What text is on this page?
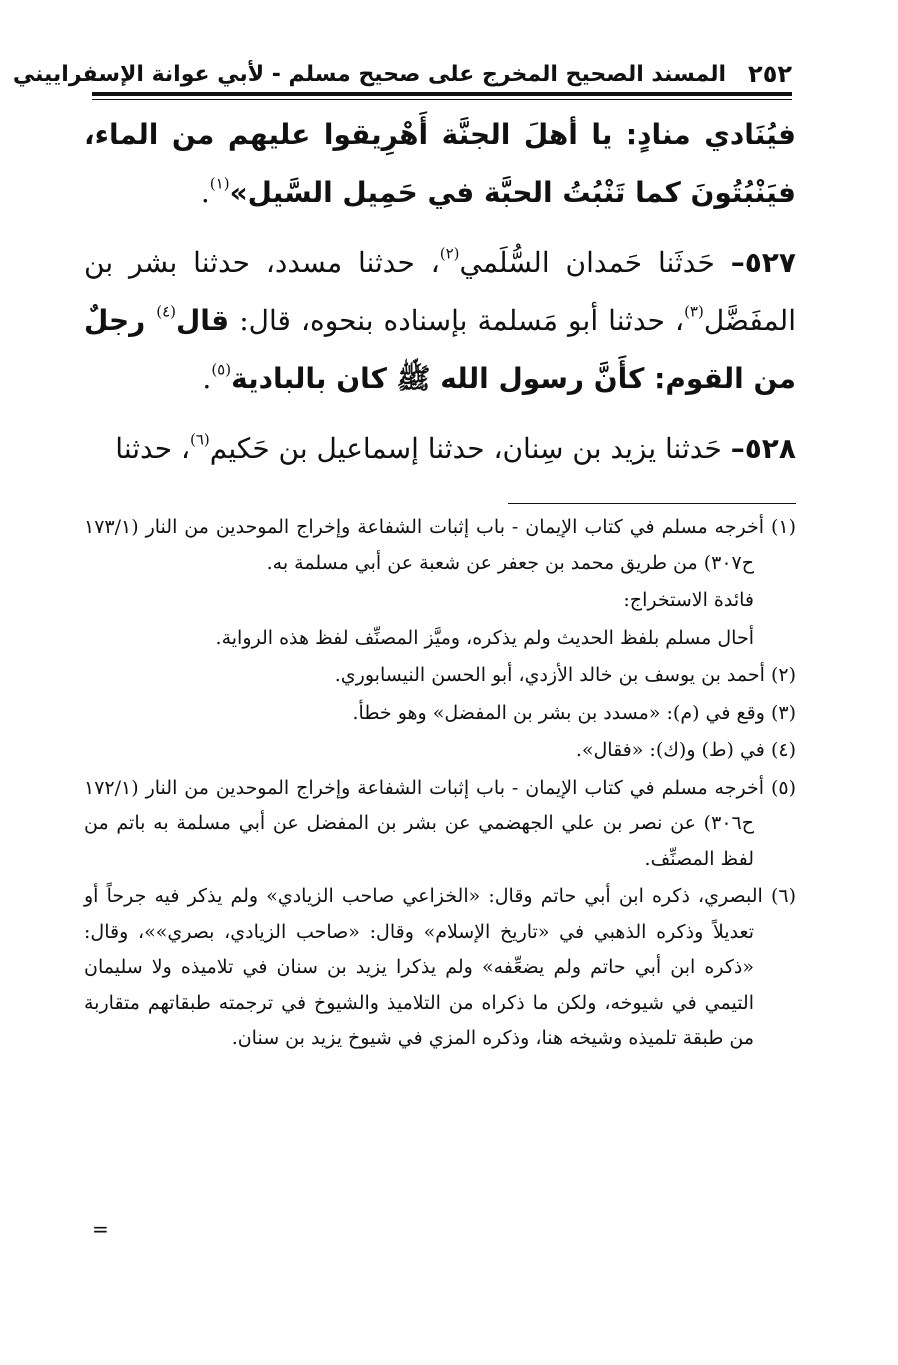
٢٥٢
المسند الصحيح المخرج على صحيح مسلم - لأبي عوانة الإسفراييني

فيُنَادي منادٍ: يا أهلَ الجنَّة أَهْرِيقوا عليهم من الماء، فيَنْبُتُونَ كما تَنْبُتُ الحبَّة في حَمِيل السَّيل»$^{(١)}$.

٥٢٧– حَدثَنا حَمدان السُّلَمي$^{(٢)}$، حدثنا مسدد، حدثنا بشر بن المفَضَّل$^{(٣)}$، حدثنا أبو مَسلمة بإسناده بنحوه، قال: قال$^{(٤)}$ رجلٌ من القوم: كأَنَّ رسول الله ﷺ كان بالبادية$^{(٥)}$.

٥٢٨– حَدثنا يزيد بن سِنان، حدثنا إسماعيل بن حَكيم$^{(٦)}$، حدثنا

(١) أخرجه مسلم في كتاب الإيمان - باب إثبات الشفاعة وإخراج الموحدين من النار (١٧٣/١ ح٣٠٧) من طريق محمد بن جعفر عن شعبة عن أبي مسلمة به.

فائدة الاستخراج:

أحال مسلم بلفظ الحديث ولم يذكره، وميَّز المصنِّف لفظ هذه الرواية.

(٢) أحمد بن يوسف بن خالد الأزدي، أبو الحسن النيسابوري.

(٣) وقع في (م): «مسدد بن بشر بن المفضل» وهو خطأ.

(٤) في (ط) و(ك): «فقال».

(٥) أخرجه مسلم في كتاب الإيمان - باب إثبات الشفاعة وإخراج الموحدين من النار (١٧٢/١ ح٣٠٦) عن نصر بن علي الجهضمي عن بشر بن المفضل عن أبي مسلمة به باتم من لفظ المصنِّف.

(٦) البصري، ذكره ابن أبي حاتم وقال: «الخزاعي صاحب الزيادي» ولم يذكر فيه جرحاً أو تعديلاً وذكره الذهبي في «تاريخ الإسلام» وقال: «صاحب الزيادي، بصري»»، وقال: «ذكره ابن أبي حاتم ولم يضعِّفه» ولم يذكرا يزيد بن سنان في تلاميذه ولا سليمان التيمي في شيوخه، ولكن ما ذكراه من التلاميذ والشيوخ في ترجمته طبقاتهم متقاربة من طبقة تلميذه وشيخه هنا، وذكره المزي في شيوخ يزيد بن سنان.

=
